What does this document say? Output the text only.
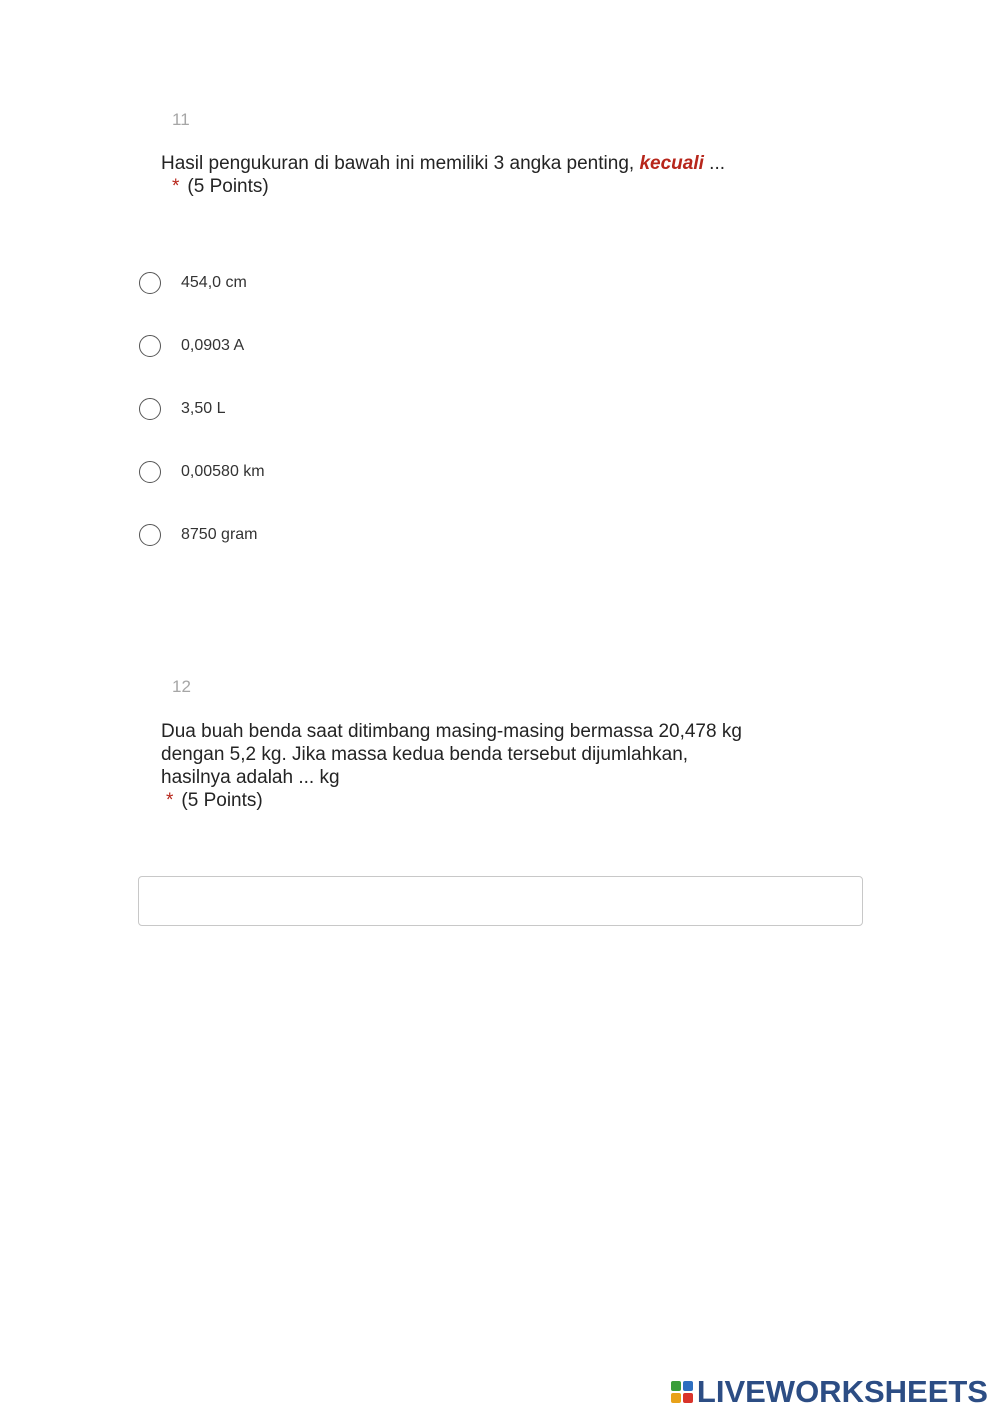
11
Hasil pengukuran di bawah ini memiliki 3 angka penting, kecuali ...
* (5 Points)
454,0 cm
0,0903 A
3,50 L
0,00580 km
8750 gram
12
Dua buah benda saat ditimbang masing-masing bermassa 20,478 kg
dengan 5,2 kg. Jika massa kedua benda tersebut dijumlahkan,
hasilnya adalah ... kg
* (5 Points)
LIVEWORKSHEETS
